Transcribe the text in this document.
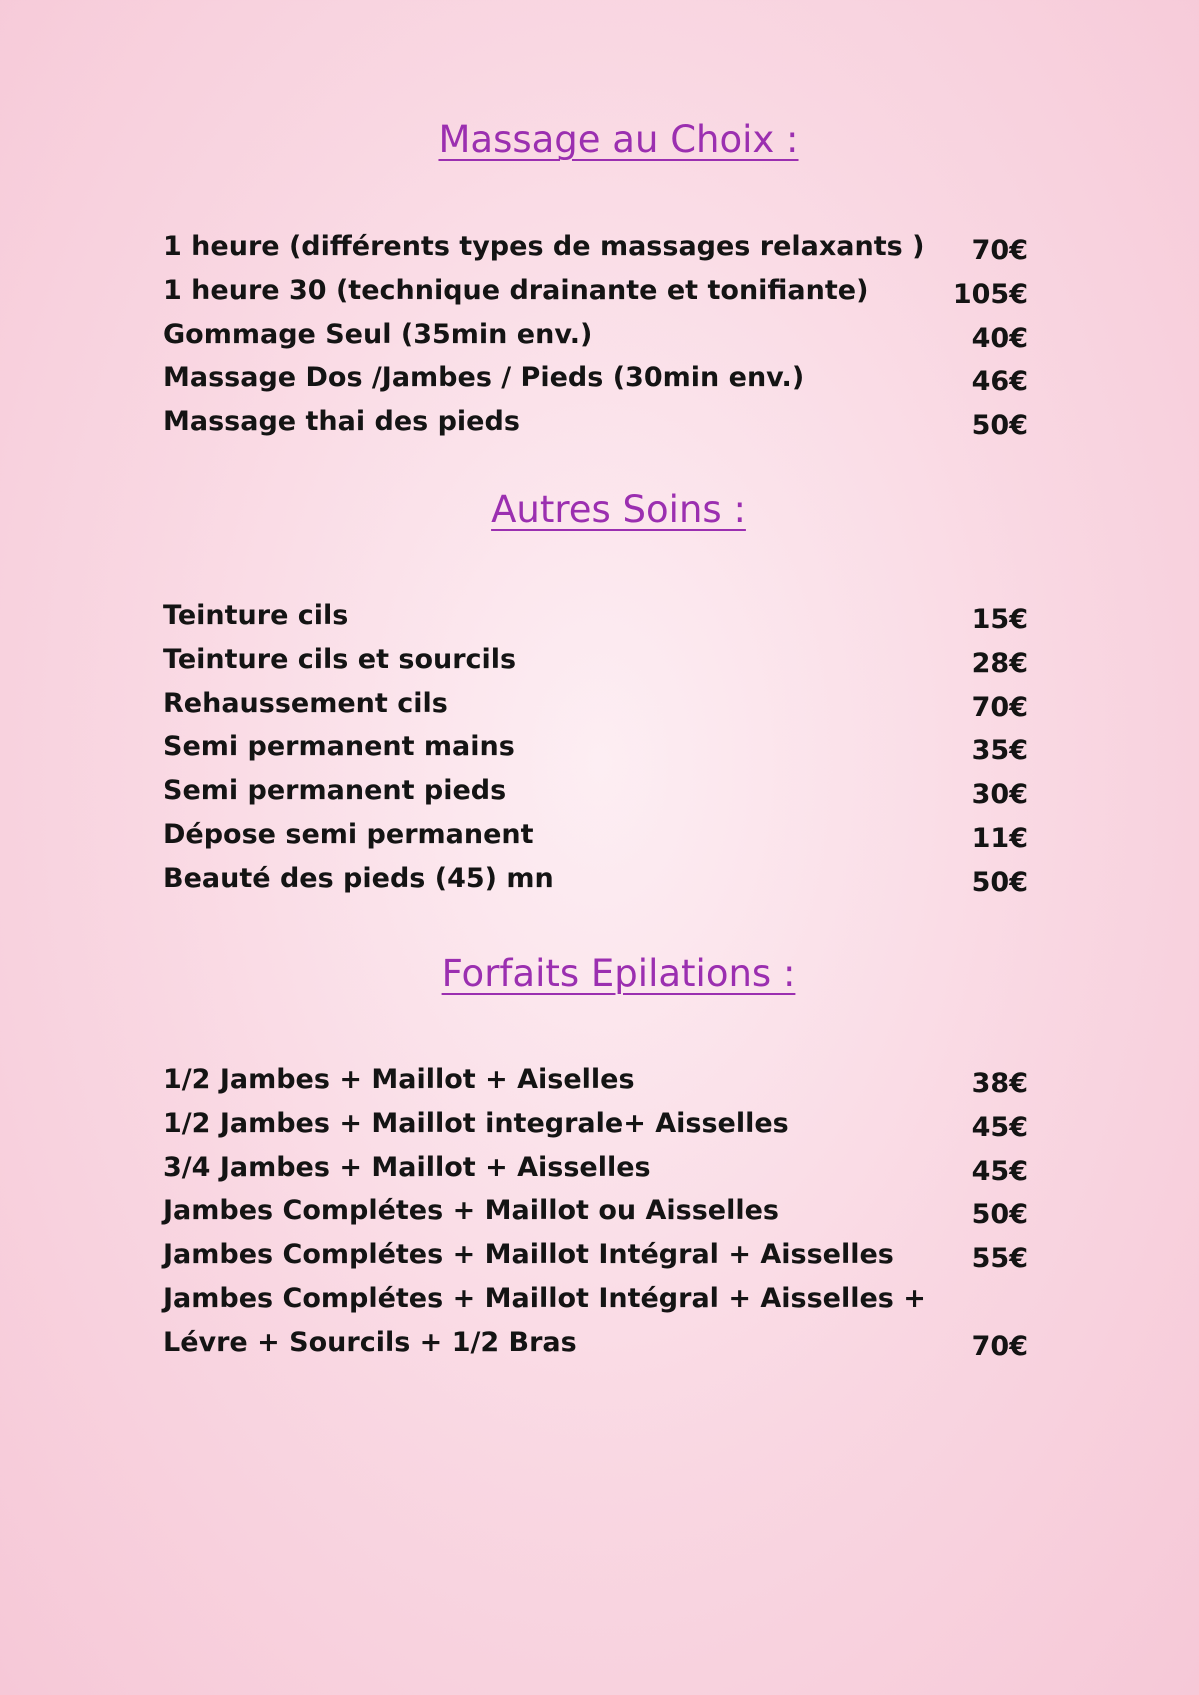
Massage au Choix :
1 heure (différents types de massages relaxants ) 70€
1 heure 30 (technique drainante et tonifiante)	105€
Gommage Seul (35min env.)	40€
Massage Dos /Jambes / Pieds (30min env.)	46€
Massage thai des pieds	50€
Autres Soins :
Teinture cils	15€
Teinture cils et sourcils	28€
Rehaussement cils	70€
Semi permanent mains	35€
Semi permanent pieds	30€
Dépose semi permanent	11€
Beauté des pieds (45) mn	50€
Forfaits Epilations :
1/2 Jambes + Maillot + Aiselles	38€
1/2 Jambes + Maillot integrale+ Aisselles	45€
3/4 Jambes + Maillot + Aisselles	45€
Jambes Complétes + Maillot ou Aisselles	50€
Jambes Complétes + Maillot Intégral + Aisselles	55€
Jambes Complétes + Maillot Intégral + Aisselles +
Lévre + Sourcils + 1/2 Bras	70€
